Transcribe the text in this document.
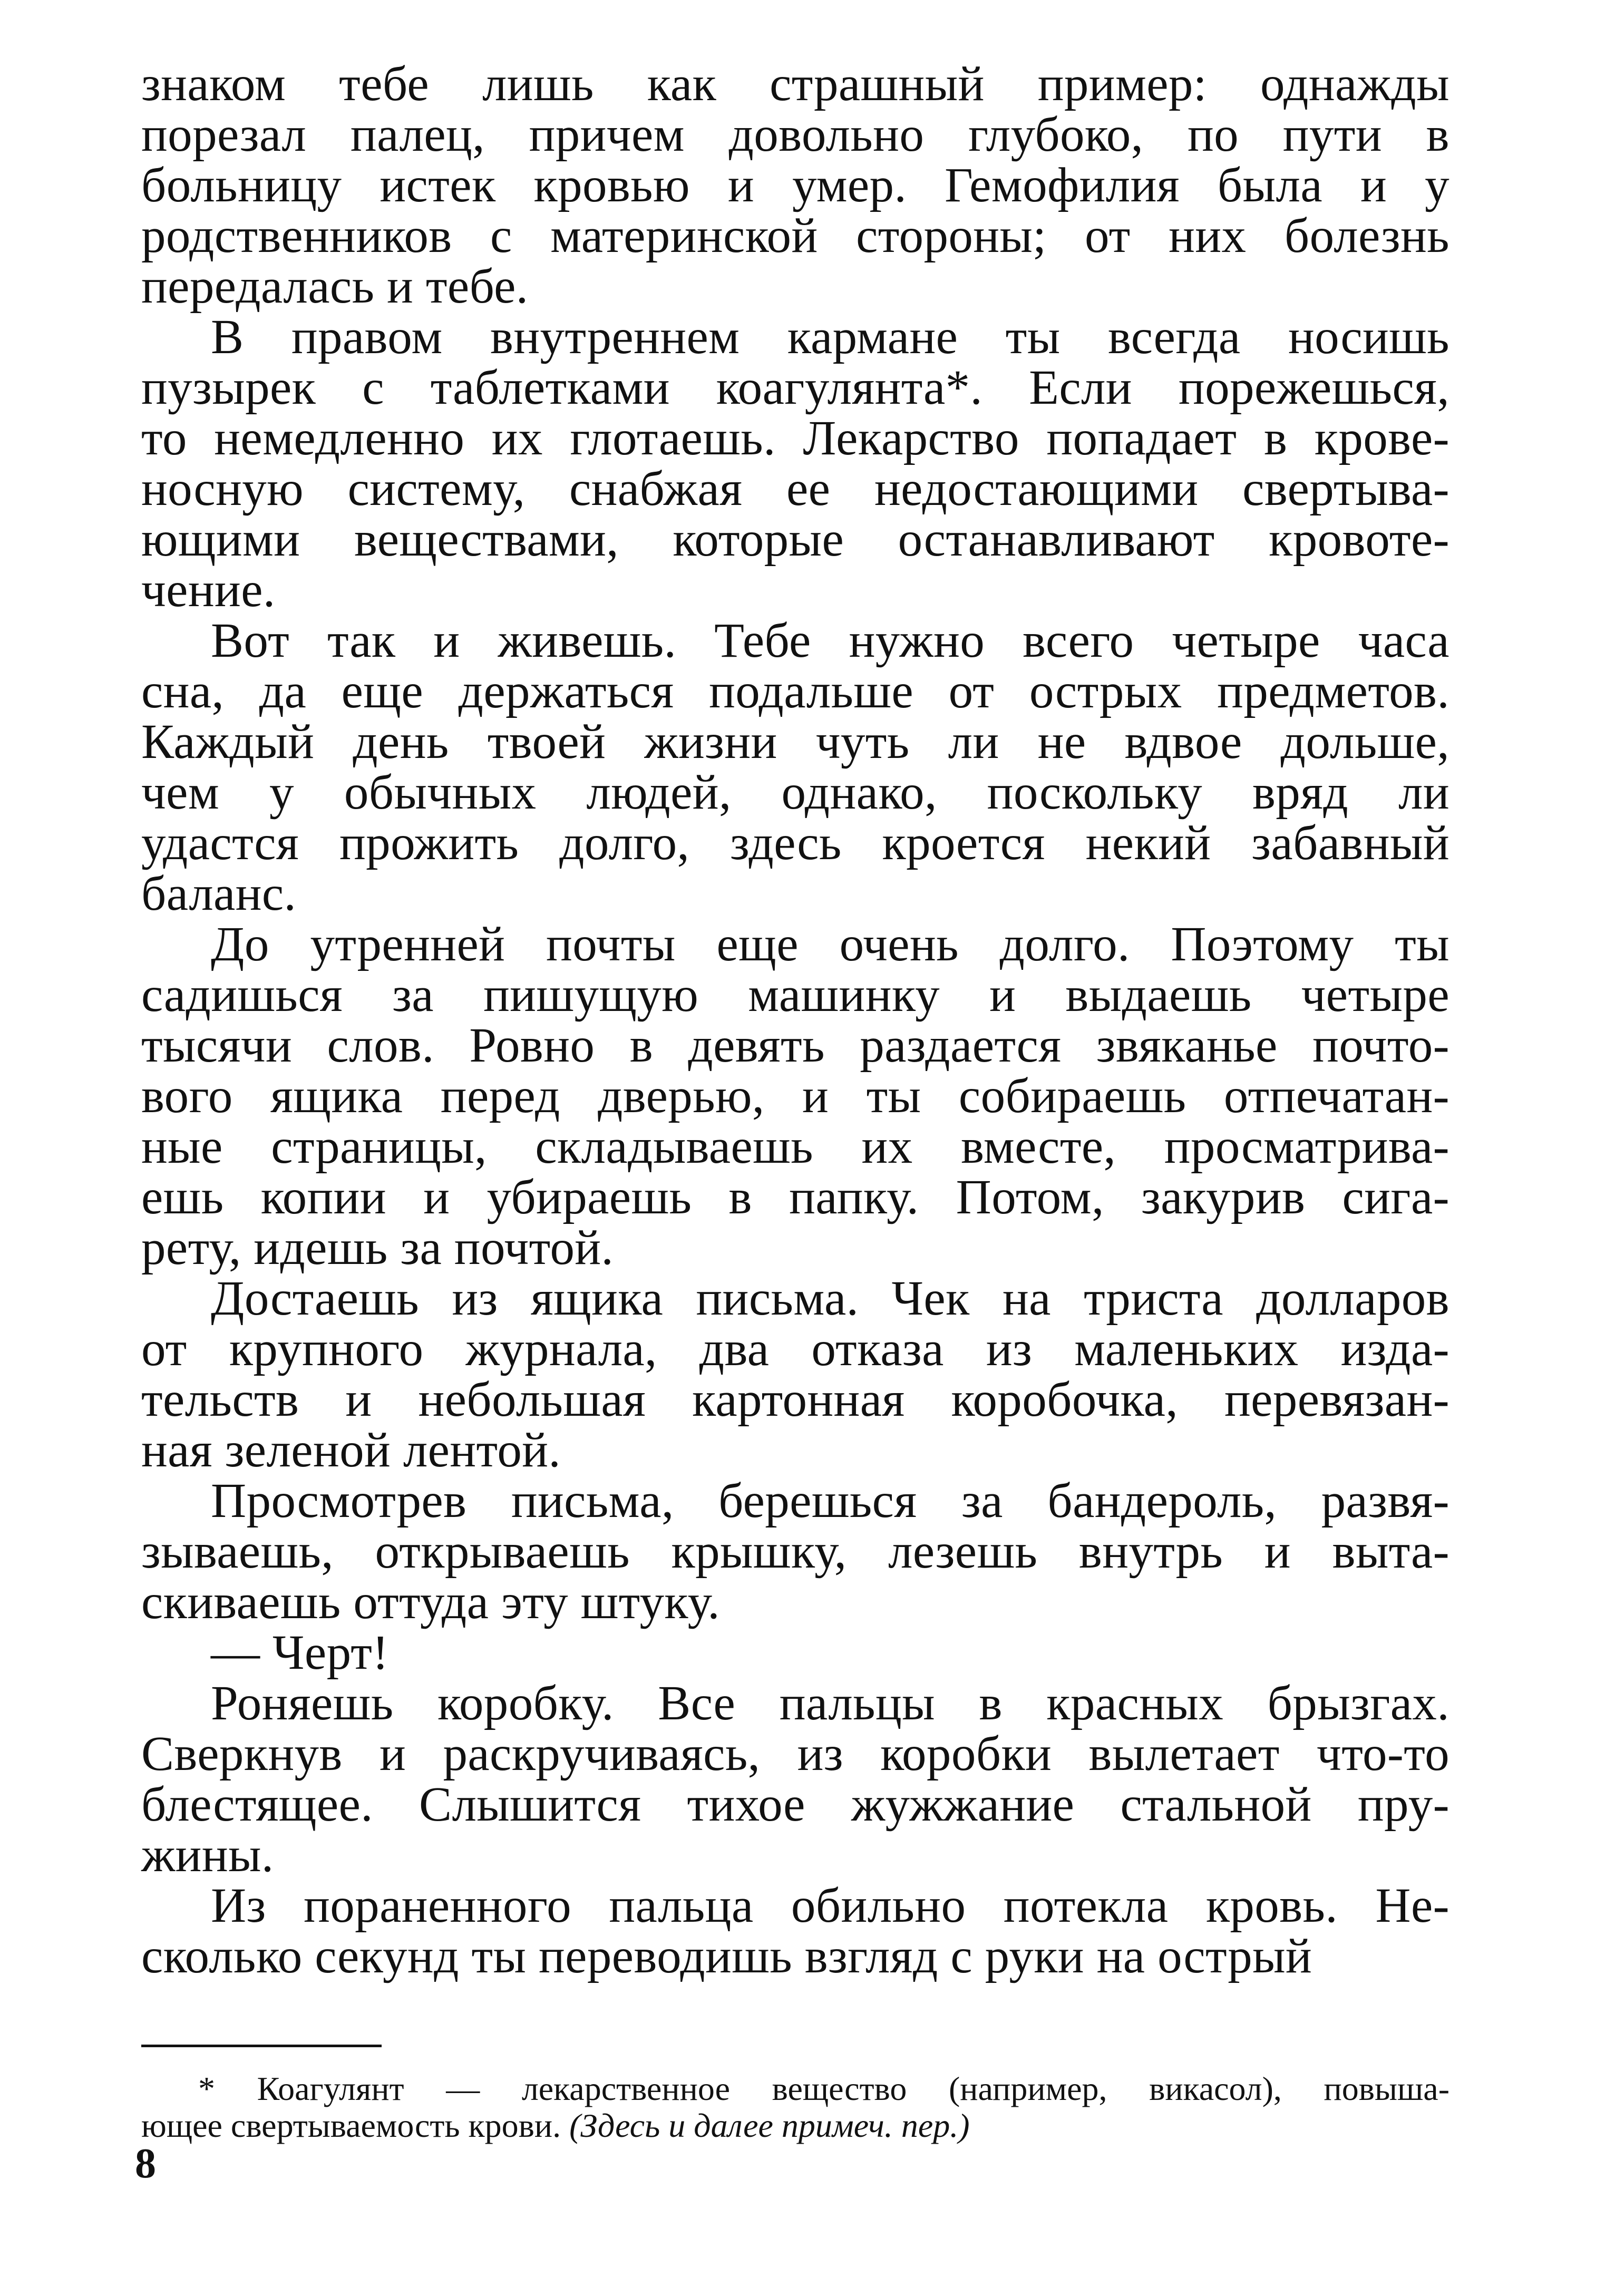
знаком тебе лишь как страшный пример: однажды
порезал палец, причем довольно глубоко, по пути в
больницу истек кровью и умер. Гемофилия была и у
родственников с материнской стороны; от них болезнь
передалась и тебе.
В правом внутреннем кармане ты всегда носишь
пузырек с таблетками коагулянта*. Если порежешься,
то немедленно их глотаешь. Лекарство попадает в крове-
носную систему, снабжая ее недостающими свертыва-
ющими веществами, которые останавливают кровоте-
чение.
Вот так и живешь. Тебе нужно всего четыре часа
сна, да еще держаться подальше от острых предметов.
Каждый день твоей жизни чуть ли не вдвое дольше,
чем у обычных людей, однако, поскольку вряд ли
удастся прожить долго, здесь кроется некий забавный
баланс.
До утренней почты еще очень долго. Поэтому ты
садишься за пишущую машинку и выдаешь четыре
тысячи слов. Ровно в девять раздается звяканье почто-
вого ящика перед дверью, и ты собираешь отпечатан-
ные страницы, складываешь их вместе, просматрива-
ешь копии и убираешь в папку. Потом, закурив сига-
рету, идешь за почтой.
Достаешь из ящика письма. Чек на триста долларов
от крупного журнала, два отказа из маленьких изда-
тельств и небольшая картонная коробочка, перевязан-
ная зеленой лентой.
Просмотрев письма, берешься за бандероль, развя-
зываешь, открываешь крышку, лезешь внутрь и выта-
скиваешь оттуда эту штуку.
— Черт!
Роняешь коробку. Все пальцы в красных брызгах.
Сверкнув и раскручиваясь, из коробки вылетает что-то
блестящее. Слышится тихое жужжание стальной пру-
жины.
Из пораненного пальца обильно потекла кровь. Не-
сколько секунд ты переводишь взгляд с руки на острый
* Коагулянт — лекарственное вещество (например, викасол), повыша-
ющее свертываемость крови. (Здесь и далее примеч. пер.)
8
